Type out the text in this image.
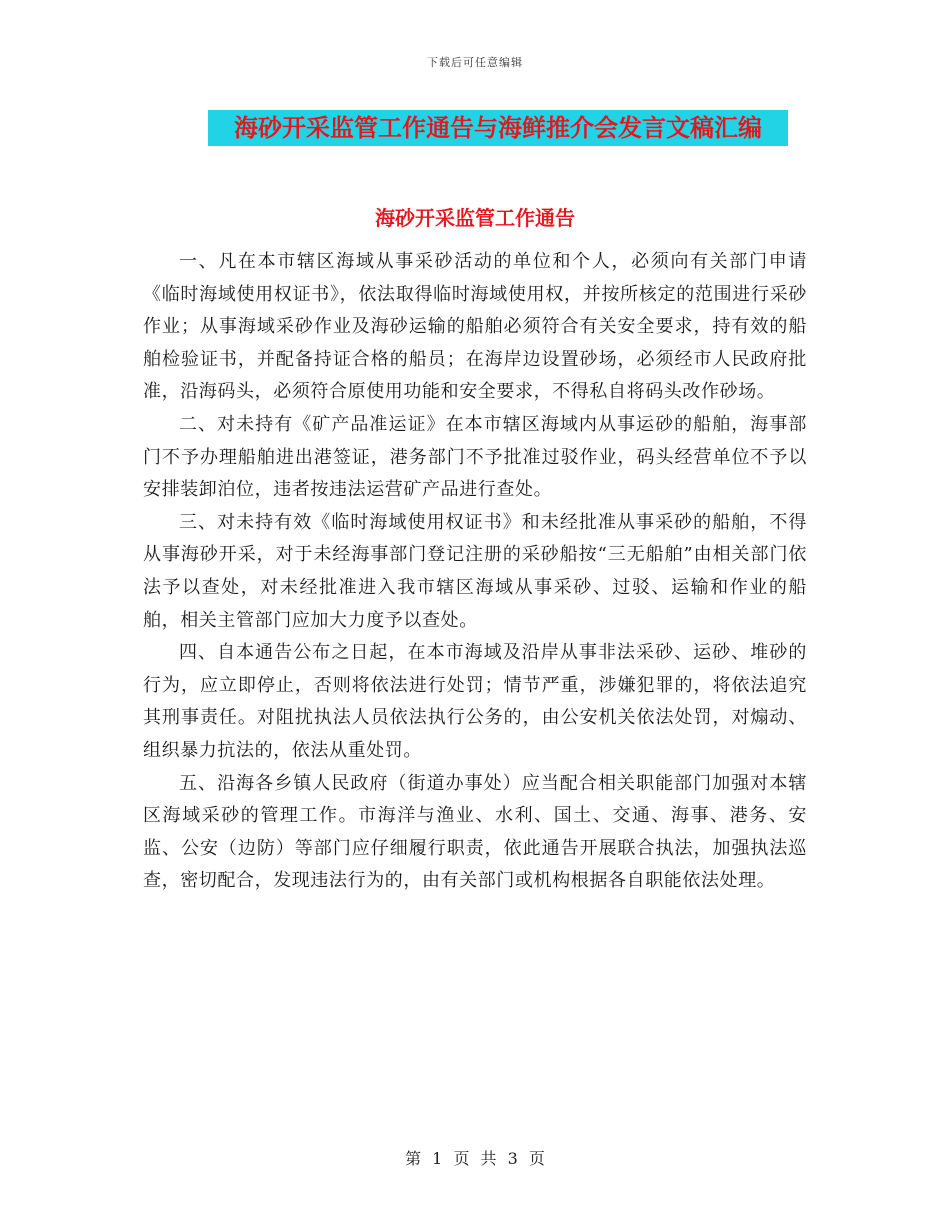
下载后可任意编辑
海砂开采监管工作通告与海鲜推介会发言文稿汇编
海砂开采监管工作通告

一、凡在本市辖区海域从事采砂活动的单位和个人，必须向有关部门申请《临时海域使用权证书》，依法取得临时海域使用权，并按所核定的范围进行采砂作业；从事海域采砂作业及海砂运输的船舶必须符合有关安全要求，持有效的船舶检验证书，并配备持证合格的船员；在海岸边设置砂场，必须经市人民政府批准，沿海码头，必须符合原使用功能和安全要求，不得私自将码头改作砂场。

二、对未持有《矿产品准运证》在本市辖区海域内从事运砂的船舶，海事部门不予办理船舶进出港签证，港务部门不予批准过驳作业，码头经营单位不予以安排装卸泊位，违者按违法运营矿产品进行查处。

三、对未持有效《临时海域使用权证书》和未经批准从事采砂的船舶，不得从事海砂开采，对于未经海事部门登记注册的采砂船按“三无船舶”由相关部门依法予以查处，对未经批准进入我市辖区海域从事采砂、过驳、运输和作业的船舶，相关主管部门应加大力度予以查处。

四、自本通告公布之日起，在本市海域及沿岸从事非法采砂、运砂、堆砂的行为，应立即停止，否则将依法进行处罚；情节严重，涉嫌犯罪的，将依法追究其刑事责任。对阻扰执法人员依法执行公务的，由公安机关依法处罚，对煽动、组织暴力抗法的，依法从重处罚。

五、沿海各乡镇人民政府（街道办事处）应当配合相关职能部门加强对本辖区海域采砂的管理工作。市海洋与渔业、水利、国土、交通、海事、港务、安监、公安（边防）等部门应仔细履行职责，依此通告开展联合执法，加强执法巡查，密切配合，发现违法行为的，由有关部门或机构根据各自职能依法处理。

第 1 页 共 3 页
